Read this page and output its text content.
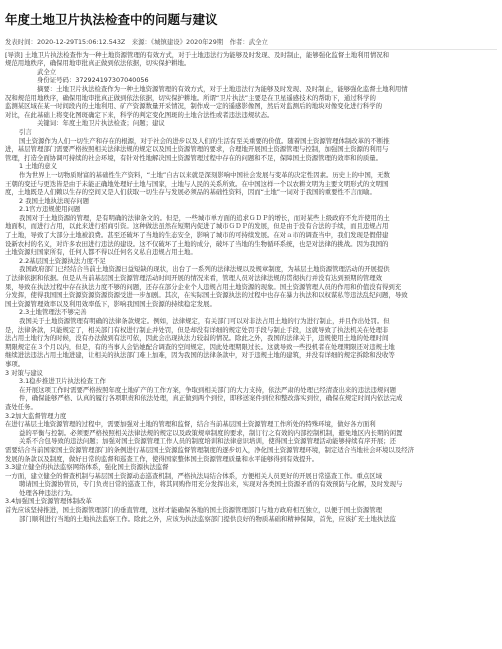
年度土地卫片执法检查中的问题与建议
发表时间：2020-12-29T15:06:12.543Z　来源：《城镇建设》2020年29期　作者：武全立
[导读] 土地卫片执法检查作为一种土地资源管理的有效方式，对于土地违法行为能够及时发现、及时制止，能够强化监督土地利用情况和
规范用地秩序，确保用地审批真正做到依法依据，切实保护耕地。
武全立
身份证号码：372924197307040056
摘要：土地卫片执法检查作为一种土地资源管理的有效方式，对于土地违法行为能够及时发现、及时制止，能够强化监督土地利用情
况和规范用地秩序，确保用地审批真正做到依法依据，切实保护耕地。所谓“卫片执法”主要是在卫星遥感技术的帮助下，通过科学的
监测某区域在某一时间段内的土地利用、矿产资源数量开采情况，制作成一定的遥感影像图，然后对监测后的地块对像变化进行科学的
对比，在此基础上将变化图斑确定下来，科学的判定变化图斑的土地合法性或者违法违规状态。
关键词：年度土地卫片执法检查；问题；建议
引言
国土资源作为人们一切生产和存在的根源，对于社会的进步以及人们的生活有至关重要的价值。随着国土资源管理体制改革的不断推
进，基层管理部门需要严格按照相关法律法规的规定以及国土资源管理的要求，合理地开展国土资源管理与控制，加强国土资源的利用与
管理，打造全面协调可持续的社会环境，有针对性地解决国土资源管理过程中存在的问题和不足，保障国土资源管理的效率和的质量。
1 土地的意义
作为世界上一切物质财富的基础性生产资料，“土地”自古以来就是深刻影响中国社会发展与变革的决定性因素。历史上的中国，无数
王朝的变迁与更迭皆是由于未能正确地处理好土地与国家，土地与人民的关系所致。在中国这样一个以农耕文明为主要文明形式的文明国
度，土地既是人们赖以生存的空间又是人们获取一切生存与发展必须品的基础性资料，因而“土地”一词对于我国的重要性不言而喻。
2 我国土地执法现存问题
2.1官方违规使用问题
我国对于土地资源的管理，是有明确的法律条文的。但是，一些城市单方面的追求ＧＤＰ的增长，而对某些上级政府不允许使用的土
地面积，而进行占用，以此来进行招商引资。这种做法虽然在短期内促进了城市ＧＤＰ的发展，但是由于没有合法的手续，而且违规占用
了土地，导致了大部分土地被浪费。甚至还破坏了当地的生态安全，影响了城市的可持续发展。在对ａ市的调查当中，我们发现是假借建
设新农村的名义，对许多农田进行违法的建设。这不仅破坏了土地的成分，破坏了当地的生物循环系统，也是对法律的挑战。因为我国的
土地资源归国家所有，任何人都不得以任何名义私自违规占用土地。
2.2基层国土资源执法力度不足
我国政府部门已经结合当前土地资源日益短缺的现状，出台了一系列的法律法规以及规章制度，为基层土地资源管理活动的开展提供
了法律依据和依据。但是从当前基层国土资源管理活动时间开展的情况来看，管理人员对法律法规的贯彻执行并没有达到预期的管理效
果，导致在执法过程中存在执法力度不够的问题，还存在部分企业个人违规占用土地资源的现象。国土资源管理人员的作用和价值没有得到充
分发挥，使得我国国土资源资源资源资源受进一步加剧。其次，在实际国土资源执法的过程中也存在暴力执法和以权谋私等违法乱纪问题，导致
国土资源管理效率以及利用效率低下，影响我国国土资源的持续稳定发展。
2.3土地管理法不够完善
我国关于土地资源管理有明确的法律条款规定。例如，法律规定，有关部门可以对非法占用土地的行为进行制止，并且作出处罚。但
是，法律条款，只能规定了，相关部门有权进行制止并处罚，但是却没有详细的规定处罚手段与制止手段，这就导致了执法机关在处理非
法占用土地行为的时候，没有办法做到有法可依，因此会出现执法力较弱的情况。除此之外，我国的法律关于，违规使用土地的处理时间
期限规定在３个月以内，但是，有的当事人会钻她配合调查的空间规定，因此处理期限过长。这就导致一些投机者在处理期限还对违规土地
继续进法违法占用土地进建，让相关的执法部门难上加难，因为我国的法律条款中，对于违规土地的建筑，并没有详细的规定拆除和没收等
事项。
3 对策与建议
3.1稳步推进卫片执法检查工作
在开展这项工作时需要严格按照年度土地矿产的工作方案，争取到相关部门的大力支持，依法严肃的处理已经清查出来的违法违规问题
件，确保能够严格、认真的履行各项职责和依法处理，真正做到两个到位，即移送案件到位和整改落实到位，确保在规定时间内依法完成
查处任务。
3.2加大监督管理力度
在进行基层土地资源管理的过程中，需要加强对土地的管理和监督，结合当前基层国土资源管理工作所处的特殊环境，做好各方面利
益的平衡与控制。必须要严格按照相关法律法规的规定以及政策规章制度的要求，制订行之有效的内部控制机制，避免地区内长期的闲置
关系不合包导致的违法问题；加强对国土资源管理工作人员的制度培训和法律意识培训，使得国土资源管理活动能够持续有序开展；还
需要结合当前国家国土资源管理部门的条例进行基层国土资源监督管理制度的逐步切入，净化国土资源管理环境，制定适合当地社会环境以及经济
发展的条款以及制度，做好日常的监督和巡查工作，使得国家整体国土资源管理质量和水平能够得到有效提升。
3.3建立健全的执法监察网络体系，强化国土资源执法监督
一方面，建立健全的督查机制与基层国土资源动态巡查机制，严格执法局结合体系，方便相关人员更好的开展日常巡查工作。重点区域
聘请国土资源协管员，专门负责日常的巡查工作，将其同购作用充分发挥出来，实现对各类国土资源矛盾的有效预防与化解，及时发现与
处理各种违法行为。
3.4加强国土资源管理体制改革
首先应该坚持推进，国土资源管理部门的垂直管理，这样才能确保各地的国土资源管理部门与地方政府相互独立，以便于国土资源管理
部门顺利进行当地的土地执法监察工作。除此之外，应该为执法监察部门提供良好的物质基础和精神保障，首先，应该扩充土地执法监
